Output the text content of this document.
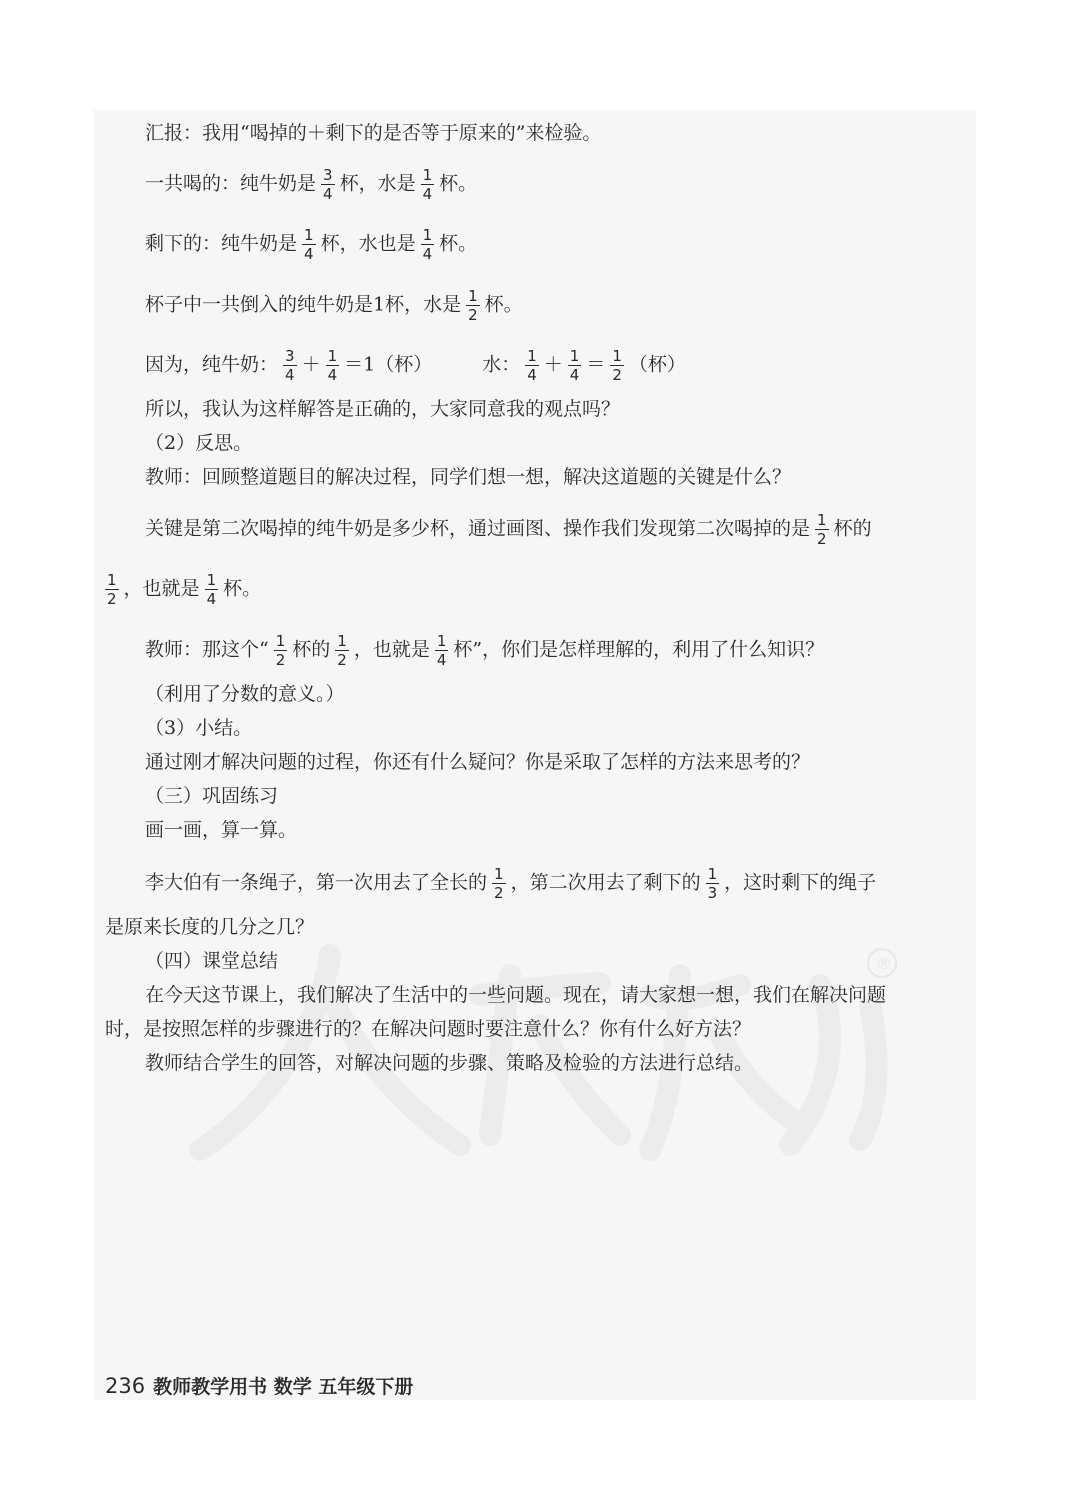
®
汇报：我用“喝掉的＋剩下的是否等于原来的”来检验。
一共喝的：纯牛奶是 $\frac{3}{4}$ 杯，水是 $\frac{1}{4}$ 杯。
剩下的：纯牛奶是 $\frac{1}{4}$ 杯，水也是 $\frac{1}{4}$ 杯。
杯子中一共倒入的纯牛奶是1杯，水是 $\frac{1}{2}$ 杯。
因为，纯牛奶： $\frac{3}{4} + \frac{1}{4} =1$（杯）	水： $\frac{1}{4} + \frac{1}{4} = \frac{1}{2}$ （杯）
所以，我认为这样解答是正确的，大家同意我的观点吗？
（2）反思。
教师：回顾整道题目的解决过程，同学们想一想，解决这道题的关键是什么？
关键是第二次喝掉的纯牛奶是多少杯，通过画图、操作我们发现第二次喝掉的是 $\frac{1}{2}$ 杯的
$\frac{1}{2}$ ，也就是 $\frac{1}{4}$ 杯。
教师：那这个“ $\frac{1}{2}$ 杯的 $\frac{1}{2}$ ，也就是 $\frac{1}{4}$ 杯”，你们是怎样理解的，利用了什么知识？
（利用了分数的意义。）
（3）小结。
通过刚才解决问题的过程，你还有什么疑问？你是采取了怎样的方法来思考的？
（三）巩固练习
画一画，算一算。
李大伯有一条绳子，第一次用去了全长的 $\frac{1}{2}$ ，第二次用去了剩下的 $\frac{1}{3}$ ，这时剩下的绳子
是原来长度的几分之几？
（四）课堂总结
在今天这节课上，我们解决了生活中的一些问题。现在，请大家想一想，我们在解决问题
时，是按照怎样的步骤进行的？在解决问题时要注意什么？你有什么好方法？
教师结合学生的回答，对解决问题的步骤、策略及检验的方法进行总结。
236 教师教学用书 数学 五年级下册
